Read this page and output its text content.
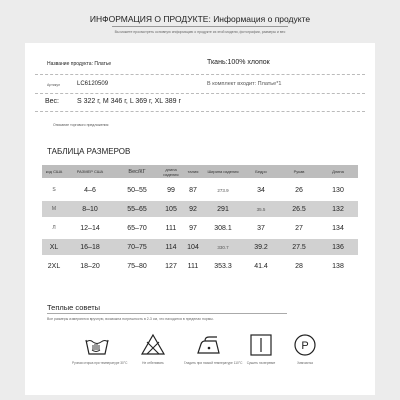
ИНФОРМАЦИЯ О ПРОДУКТЕ: Информация о продукте
Вы можете просмотреть основную информацию о продукте из этой модели, фотографии, размеры и вес
Название продукта: Платье	Ткань:100% хлопок
Артикул	LC6120509	В комплект входит: Платье*1
Вес:	S 322 г, M 346 г, L 369 г, XL 389 г
Описание торгового предложения
ТАБЛИЦА РАЗМЕРОВ
код США	РАЗМЕР США	Вес/КГ	длина изделия	талия	Ширина изделия	Бедро	Рукав	Длина
S	4–6	50–55	99	87	273.9	34	26	130
M	8–10	55–65	105	92	291	35.5	26.5	132
Л	12–14	65–70	111	97	308.1	37	27	134
XL	16–18	70–75	114	104	330.7	39.2	27.5	136
2XL	18–20	75–80	127	111	353.3	41.4	28	138
Теплые советы
Все размеры измеряются вручную, возможна погрешность в 2-3 см, что находится в пределах нормы.
Ручная стирка при температуре 30°C	Не отбеливать	Гладить при низкой температуре 110°C	Сушить на веревке
P
Химчистка
